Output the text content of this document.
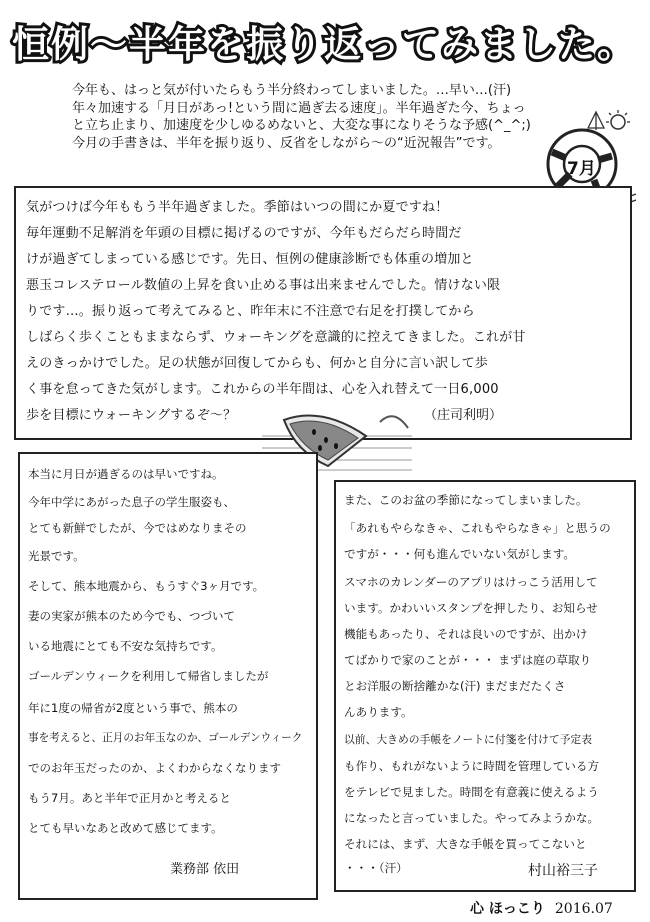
恒例～半年を振り返ってみました。
今年も、はっと気が付いたらもう半分終わってしまいました。…早い…(汗)
年々加速する「月日があっ!という間に過ぎ去る速度」。半年過ぎた今、ちょっ
と立ち止まり、加速度を少しゆるめないと、大変な事になりそうな予感(^_^;)
今月の手書きは、半年を振り返り、反省をしながら～の“近況報告”です。
7月
気がつけば今年ももう半年過ぎました。季節はいつの間にか夏ですね！
毎年運動不足解消を年頭の目標に掲げるのですが、今年もだらだら時間だ
けが過ぎてしまっている感じです。先日、恒例の健康診断でも体重の増加と
悪玉コレステロール数値の上昇を食い止める事は出来ませんでした。情けない限
りです…。振り返って考えてみると、昨年末に不注意で右足を打撲してから
しばらく歩くこともままならず、ウォーキングを意識的に控えてきました。これが甘
えのきっかけでした。足の状態が回復してからも、何かと自分に言い訳して歩
く事を怠ってきた気がします。これからの半年間は、心を入れ替えて一日6,000
歩を目標にウォーキングするぞ～？	（庄司利明）
本当に月日が過ぎるのは早いですね。
今年中学にあがった息子の学生服姿も、
とても新鮮でしたが、今ではめなりまその
光景です。
そして、熊本地震から、もうすぐ3ヶ月です。
妻の実家が熊本のため今でも、つづいて
いる地震にとても不安な気持ちです。
ゴールデンウィークを利用して帰省しましたが
年に1度の帰省が2度という事で、熊本の
事を考えると、正月のお年玉なのか、ゴールデンウィーク
でのお年玉だったのか、よくわからなくなります
もう7月。あと半年で正月かと考えると
とても早いなあと改めて感じてます。
業務部 依田
また、このお盆の季節になってしまいました。
「あれもやらなきゃ、これもやらなきゃ」と思うの
ですが・・・何も進んでいない気がします。
スマホのカレンダーのアプリはけっこう活用して
います。かわいいスタンプを押したり、お知らせ
機能もあったり、それは良いのですが、出かけ
てばかりで家のことが・・・ まずは庭の草取り
とお洋服の断捨離かな(汗) まだまだたくさ
んあります。
以前、大きめの手帳をノートに付箋を付けて予定表
も作り、もれがないように時間を管理している方
をテレビで見ました。時間を有意義に使えるよう
になったと言っていました。やってみようかな。
それには、まず、大きな手帳を買ってこないと
・・・（汗）	村山裕三子
心 ほっこり 2016.07
